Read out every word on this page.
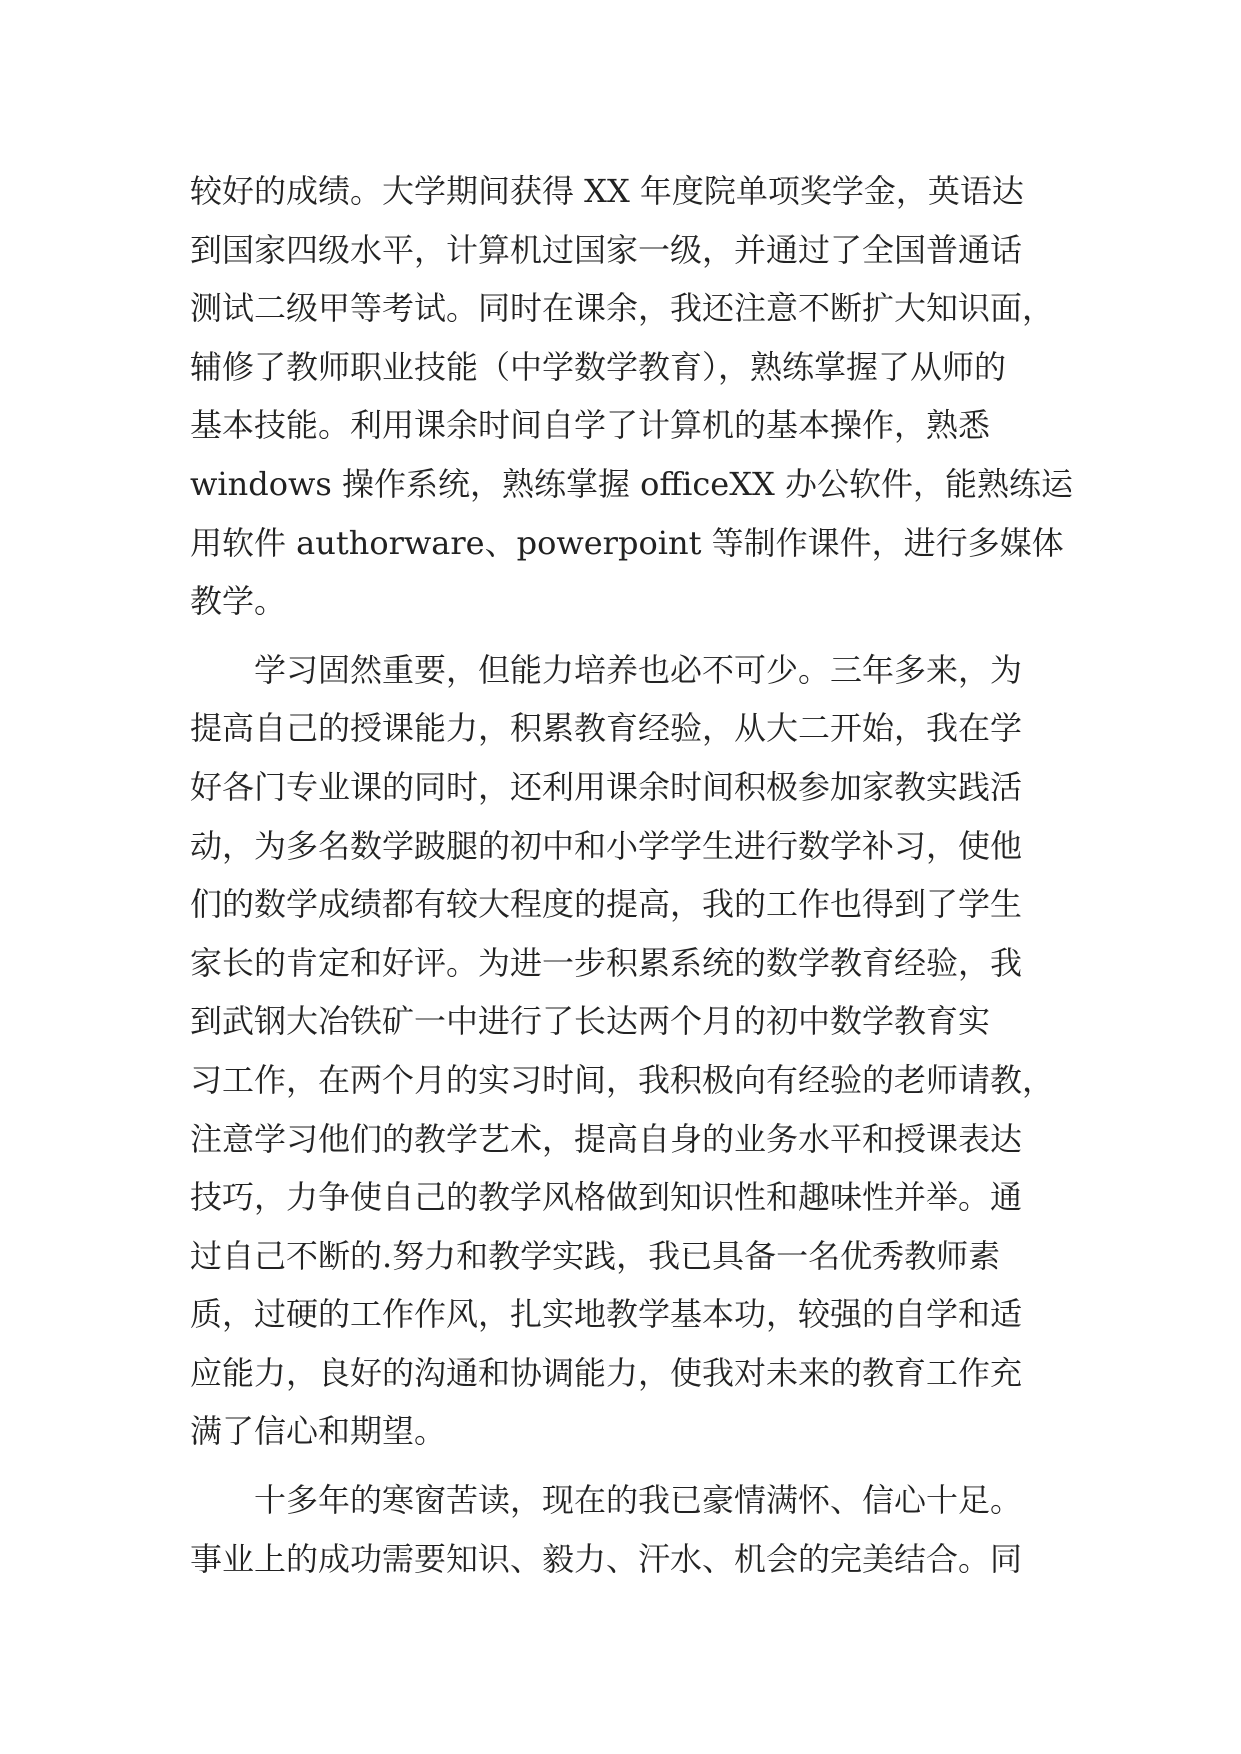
较好的成绩。大学期间获得 XX 年度院单项奖学金，英语达
到国家四级水平，计算机过国家一级，并通过了全国普通话
测试二级甲等考试。同时在课余，我还注意不断扩大知识面，
辅修了教师职业技能（中学数学教育），熟练掌握了从师的
基本技能。利用课余时间自学了计算机的基本操作，熟悉
windows 操作系统，熟练掌握 officeXX 办公软件，能熟练运
用软件 authorware、powerpoint 等制作课件，进行多媒体
教学。
　　学习固然重要，但能力培养也必不可少。三年多来，为
提高自己的授课能力，积累教育经验，从大二开始，我在学
好各门专业课的同时，还利用课余时间积极参加家教实践活
动，为多名数学跛腿的初中和小学学生进行数学补习，使他
们的数学成绩都有较大程度的提高，我的工作也得到了学生
家长的肯定和好评。为进一步积累系统的数学教育经验，我
到武钢大冶铁矿一中进行了长达两个月的初中数学教育实
习工作，在两个月的实习时间，我积极向有经验的老师请教，
注意学习他们的教学艺术，提高自身的业务水平和授课表达
技巧，力争使自己的教学风格做到知识性和趣味性并举。通
过自己不断的.努力和教学实践，我已具备一名优秀教师素
质，过硬的工作作风，扎实地教学基本功，较强的自学和适
应能力，良好的沟通和协调能力，使我对未来的教育工作充
满了信心和期望。
　　十多年的寒窗苦读，现在的我已豪情满怀、信心十足。
事业上的成功需要知识、毅力、汗水、机会的完美结合。同
